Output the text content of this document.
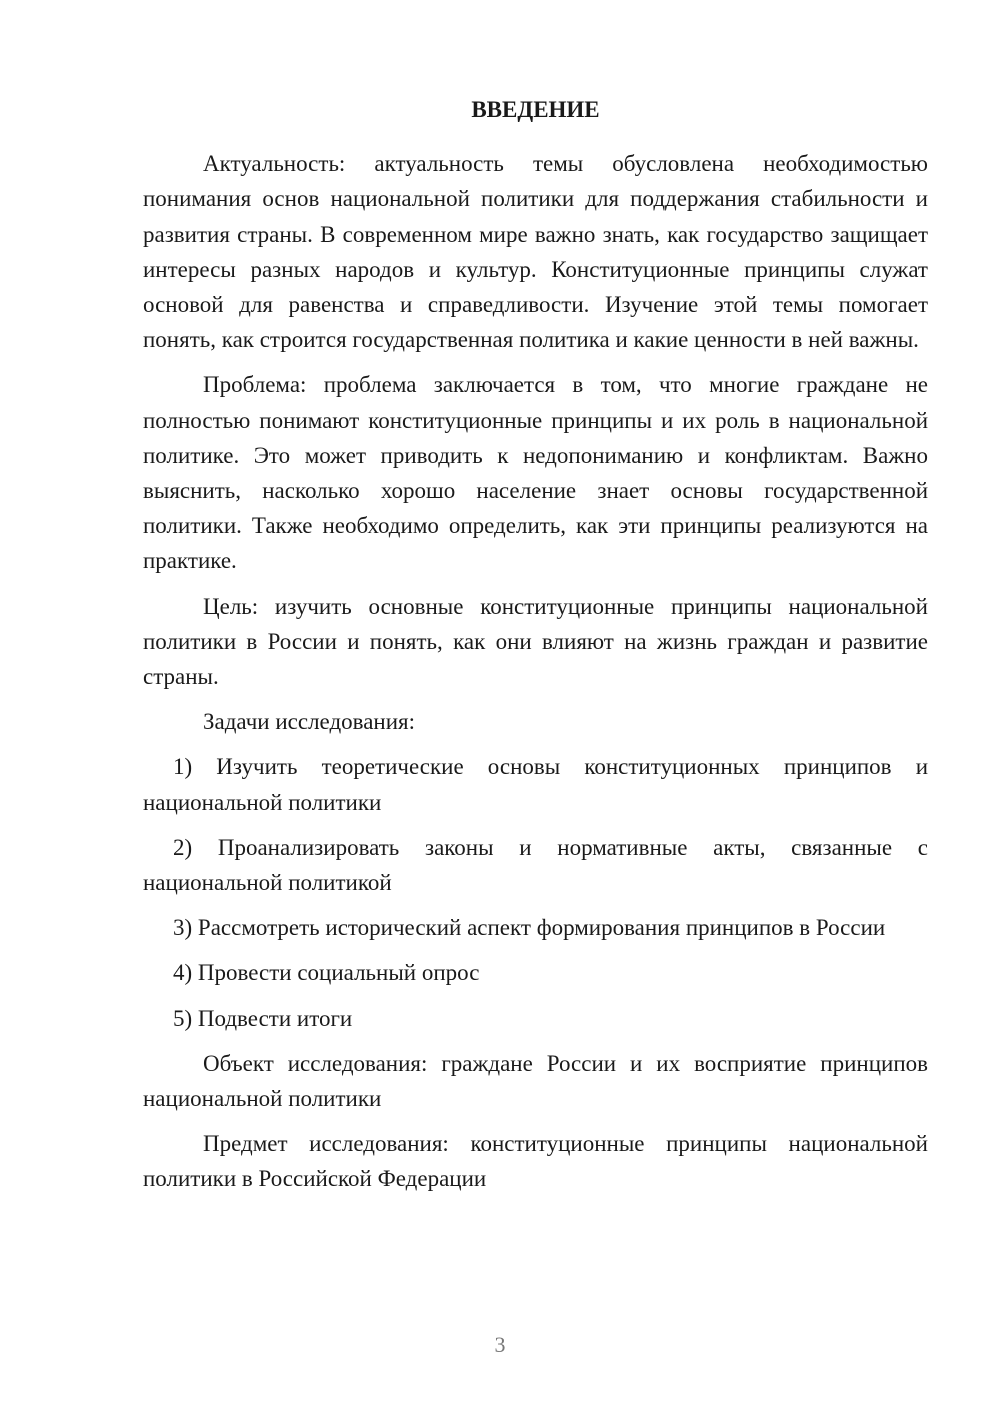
ВВЕДЕНИЕ

Актуальность: актуальность темы обусловлена необходимостью понимания основ национальной политики для поддержания стабильности и развития страны. В современном мире важно знать, как государство защищает интересы разных народов и культур. Конституционные принципы служат основой для равенства и справедливости. Изучение этой темы помогает понять, как строится государственная политика и какие ценности в ней важны.

Проблема: проблема заключается в том, что многие граждане не полностью понимают конституционные принципы и их роль в национальной политике. Это может приводить к недопониманию и конфликтам. Важно выяснить, насколько хорошо население знает основы государственной политики. Также необходимо определить, как эти принципы реализуются на практике.

Цель: изучить основные конституционные принципы национальной политики в России и понять, как они влияют на жизнь граждан и развитие страны.

Задачи исследования:

1) Изучить теоретические основы конституционных принципов и национальной политики

2) Проанализировать законы и нормативные акты, связанные с национальной политикой

3) Рассмотреть исторический аспект формирования принципов в России

4) Провести социальный опрос

5) Подвести итоги

Объект исследования: граждане России и их восприятие принципов национальной политики

Предмет исследования: конституционные принципы национальной политики в Российской Федерации

3
